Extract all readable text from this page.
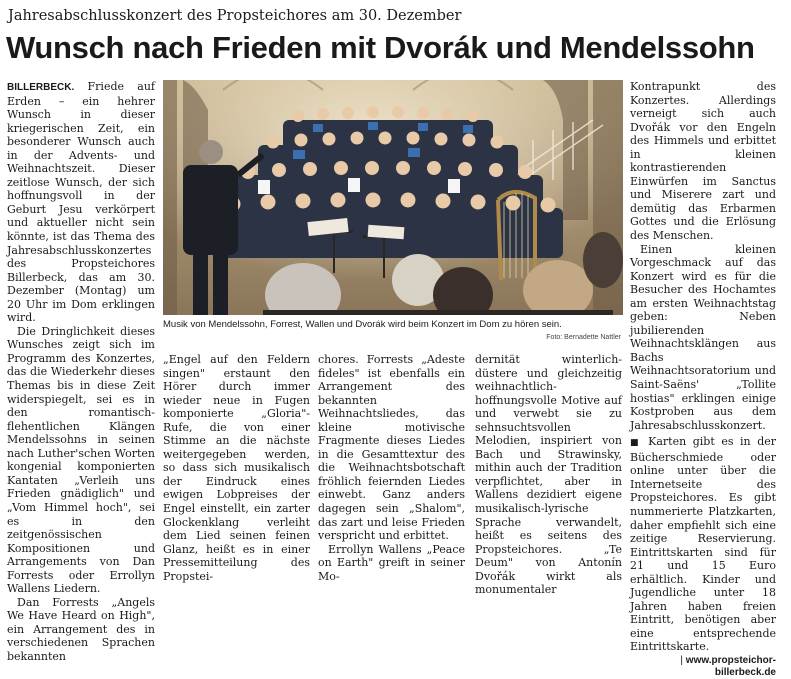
Jahresabschlusskonzert des Propsteichores am 30. Dezember
Wunsch nach Frieden mit Dvorák und Mendelssohn

BILLERBECK. Friede auf Erden – ein hehrer Wunsch in dieser kriegerischen Zeit, ein besonderer Wunsch auch in der Advents- und Weihnachtszeit. Dieser zeitlose Wunsch, der sich hoffnungsvoll in der Geburt Jesu verkörpert und aktueller nicht sein könnte, ist das Thema des Jahresabschlusskonzertes des Propsteichores Billerbeck, das am 30. Dezember (Montag) um 20 Uhr im Dom erklingen wird.

Die Dringlichkeit dieses Wunsches zeigt sich im Programm des Konzertes, das die Wiederkehr dieses Themas bis in diese Zeit widerspiegelt, sei es in den romantisch-flehentlichen Klängen Mendelssohns in seinen nach Luther'schen Worten kongenial komponierten Kantaten „Verleih uns Frieden gnädiglich" und „Vom Himmel hoch", sei es in den zeitgenössischen Kompositionen und Arrangements von Dan Forrests oder Errollyn Wallens Liedern.

Dan Forrests „Angels We Have Heard on High", ein Arrangement des in verschiedenen Sprachen bekannten

Musik von Mendelssohn, Forrest, Wallen und Dvorák wird beim Konzert im Dom zu hören sein.
Foto: Bernadette Nattler

„Engel auf den Feldern singen" erstaunt den Hörer durch immer wieder neue in Fugen komponierte „Gloria"-Rufe, die von einer Stimme an die nächste weitergegeben werden, so dass sich musikalisch der Eindruck eines ewigen Lobpreises der Engel einstellt, ein zarter Glockenklang verleiht dem Lied seinen feinen Glanz, heißt es in einer Pressemitteilung des Propstei-

chores. Forrests „Adeste fideles" ist ebenfalls ein Arrangement des bekannten Weihnachtsliedes, das kleine motivische Fragmente dieses Liedes in die Gesamttextur des die Weihnachtsbotschaft fröhlich feiernden Liedes einwebt. Ganz anders dagegen sein „Shalom", das zart und leise Frieden verspricht und erbittet.

Errollyn Wallens „Peace on Earth" greift in seiner Mo-

dernität winterlich-düstere und gleichzeitig weihnachtlich-hoffnungsvolle Motive auf und verwebt sie zu sehnsuchtsvollen Melodien, inspiriert von Bach und Strawinsky, mithin auch der Tradition verpflichtet, aber in Wallens dezidiert eigene musikalisch-lyrische Sprache verwandelt, heißt es seitens des Propsteichores. „Te Deum" von Antonín Dvořák wirkt als monumentaler

Kontrapunkt des Konzertes. Allerdings verneigt sich auch Dvořák vor den Engeln des Himmels und erbittet in kleinen kontrastierenden Einwürfen im Sanctus und Miserere zart und demütig das Erbarmen Gottes und die Erlösung des Menschen.

Einen kleinen Vorgeschmack auf das Konzert wird es für die Besucher des Hochamtes am ersten Weihnachtstag geben: Neben jubilierenden Weihnachtsklängen aus Bachs Weihnachtsoratorium und Saint-Saëns' „Tollite hostias" erklingen einige Kostproben aus dem Jahresabschlusskonzert.

■ Karten gibt es in der Büchersсhmiede oder online unter über die Internetseite des Propsteichores. Es gibt nummerierte Platzkarten, daher empfiehlt sich eine zeitige Reservierung. Eintrittskarten sind für 21 und 15 Euro erhältlich. Kinder und Jugendliche unter 18 Jahren haben freien Eintritt, benötigen aber eine entsprechende Eintrittskarte.

| www.propsteichor-
billerbeck.de
